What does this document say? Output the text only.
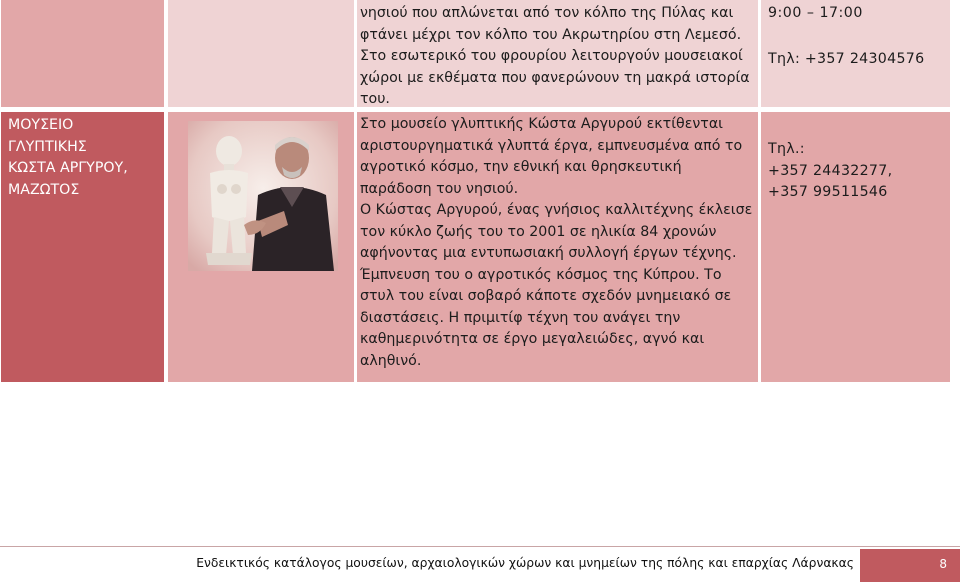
νησιού που απλώνεται από τον κόλπο της Πύλας και
φτάνει μέχρι τον κόλπο του Ακρωτηρίου στη Λεμεσό.
Στο εσωτερικό του φρουρίου λειτουργούν μουσειακοί
χώροι με εκθέματα που φανερώνουν τη μακρά ιστορία
του.
9:00 – 17:00
Τηλ: +357 24304576
ΜΟΥΣΕΙΟ
ΓΛΥΠΤΙΚΗΣ
ΚΩΣΤΑ ΑΡΓΥΡΟΥ,
ΜΑΖΩΤΟΣ
Στο μουσείο γλυπτικής Κώστα Αργυρού εκτίθενται
αριστουργηματικά γλυπτά έργα, εμπνευσμένα από το
αγροτικό κόσμο, την εθνική και θρησκευτική
παράδοση του νησιού.
Ο Κώστας Αργυρού, ένας γνήσιος καλλιτέχνης έκλεισε
τον κύκλο ζωής του το 2001 σε ηλικία 84 χρονών
αφήνοντας μια εντυπωσιακή συλλογή έργων τέχνης.
Έμπνευση του ο αγροτικός κόσμος της Κύπρου. Το
στυλ του είναι σοβαρό κάποτε σχεδόν μνημειακό σε
διαστάσεις. Η πριμιτίφ τέχνη του ανάγει την
καθημερινότητα σε έργο μεγαλειώδες, αγνό και
αληθινό.
Τηλ.:
+357 24432277,
+357 99511546
Ενδεικτικός κατάλογος μουσείων, αρχαιολογικών χώρων και μνημείων της πόλης και επαρχίας Λάρνακας	8
